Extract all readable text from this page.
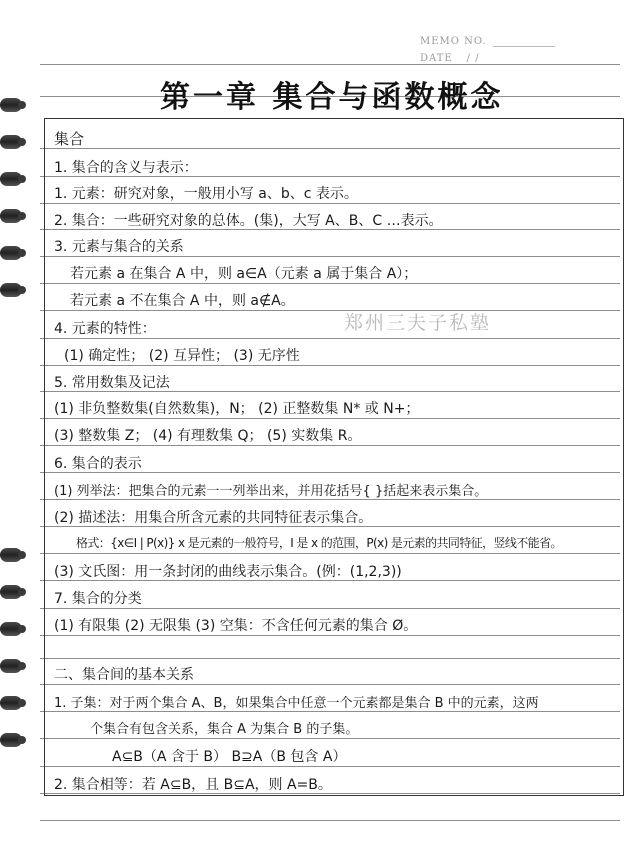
MEMO NO.
DATE / /
第一章 集合与函数概念
集合
1. 集合的含义与表示：
1. 元素：研究对象，一般用小写 a、b、c 表示。
2. 集合：一些研究对象的总体。(集)，大写 A、B、C …表示。
3. 元素与集合的关系
若元素 a 在集合 A 中，则 a∈A（元素 a 属于集合 A）；
若元素 a 不在集合 A 中，则 a∉A。
4. 元素的特性：
(1) 确定性； (2) 互异性； (3) 无序性
5. 常用数集及记法
(1) 非负整数集(自然数集)，N； (2) 正整数集 N* 或 N+；
(3) 整数集 Z； (4) 有理数集 Q； (5) 实数集 R。
6. 集合的表示
(1) 列举法：把集合的元素一一列举出来，并用花括号{ }括起来表示集合。
(2) 描述法：用集合所含元素的共同特征表示集合。
格式：{x∈I | P(x)} x 是元素的一般符号，I 是 x 的范围，P(x) 是元素的共同特征，竖线不能省。
(3) 文氏图：用一条封闭的曲线表示集合。(例：(1,2,3))
7. 集合的分类
(1) 有限集 (2) 无限集 (3) 空集：不含任何元素的集合 Ø。
二、集合间的基本关系
1. 子集：对于两个集合 A、B，如果集合中任意一个元素都是集合 B 中的元素，这两
个集合有包含关系，集合 A 为集合 B 的子集。
A⊆B（A 含于 B） B⊇A（B 包含 A）
2. 集合相等：若 A⊆B，且 B⊆A，则 A=B。
郑州三夫子私塾
